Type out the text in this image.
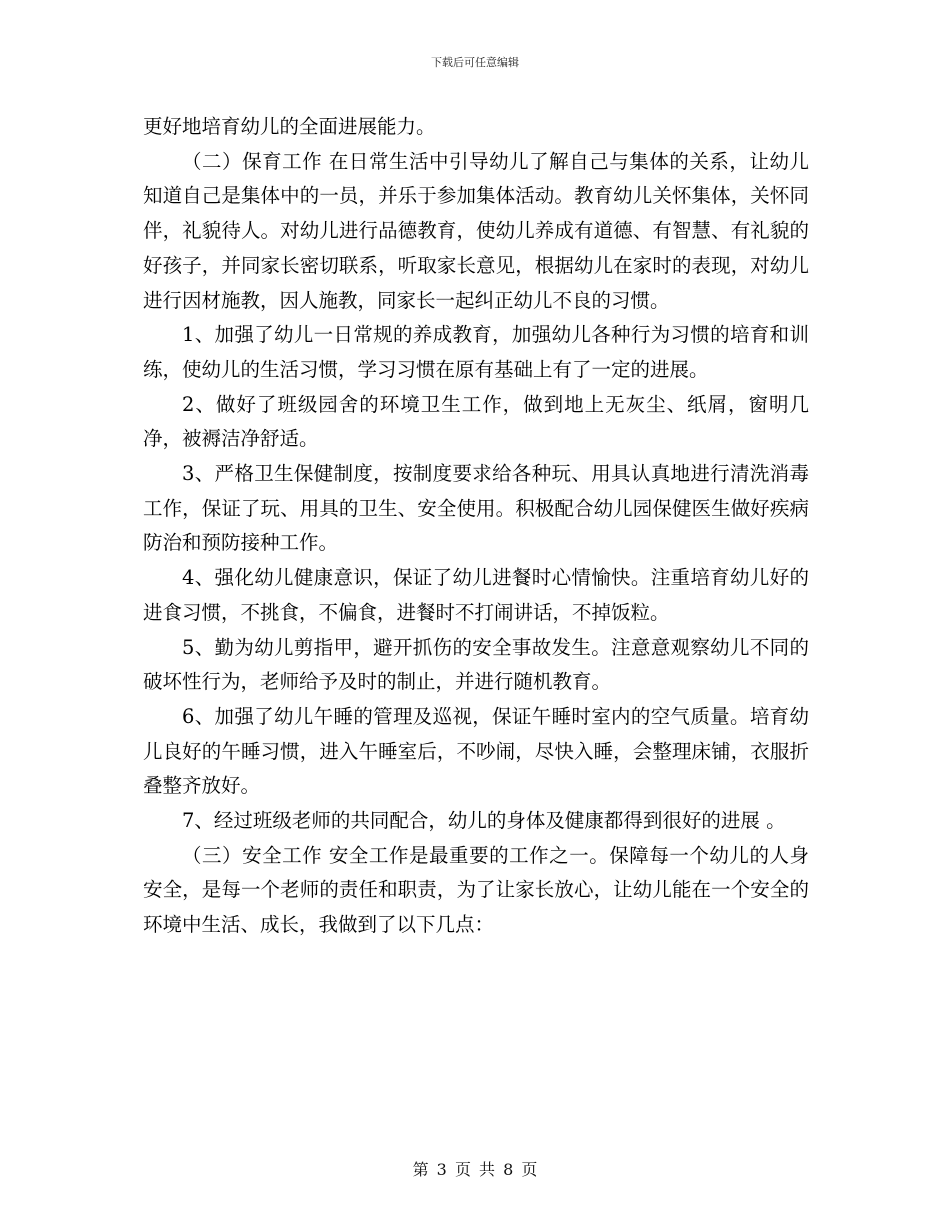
下载后可任意编辑

更好地培育幼儿的全面进展能力。

（二）保育工作 在日常生活中引导幼儿了解自己与集体的关系，让幼儿知道自己是集体中的一员，并乐于参加集体活动。教育幼儿关怀集体，关怀同伴，礼貌待人。对幼儿进行品德教育，使幼儿养成有道德、有智慧、有礼貌的好孩子，并同家长密切联系，听取家长意见，根据幼儿在家时的表现，对幼儿进行因材施教，因人施教，同家长一起纠正幼儿不良的习惯。

1、加强了幼儿一日常规的养成教育，加强幼儿各种行为习惯的培育和训练，使幼儿的生活习惯，学习习惯在原有基础上有了一定的进展。

2、做好了班级园舍的环境卫生工作，做到地上无灰尘、纸屑，窗明几净，被褥洁净舒适。

3、严格卫生保健制度，按制度要求给各种玩、用具认真地进行清洗消毒工作，保证了玩、用具的卫生、安全使用。积极配合幼儿园保健医生做好疾病防治和预防接种工作。

4、强化幼儿健康意识，保证了幼儿进餐时心情愉快。注重培育幼儿好的进食习惯，不挑食，不偏食，进餐时不打闹讲话，不掉饭粒。

5、勤为幼儿剪指甲，避开抓伤的安全事故发生。注意意观察幼儿不同的破坏性行为，老师给予及时的制止，并进行随机教育。

6、加强了幼儿午睡的管理及巡视，保证午睡时室内的空气质量。培育幼儿良好的午睡习惯，进入午睡室后，不吵闹，尽快入睡，会整理床铺，衣服折叠整齐放好。

7、经过班级老师的共同配合，幼儿的身体及健康都得到很好的进展 。

（三）安全工作 安全工作是最重要的工作之一。保障每一个幼儿的人身安全，是每一个老师的责任和职责，为了让家长放心，让幼儿能在一个安全的环境中生活、成长，我做到了以下几点：

第 3 页 共 8 页
